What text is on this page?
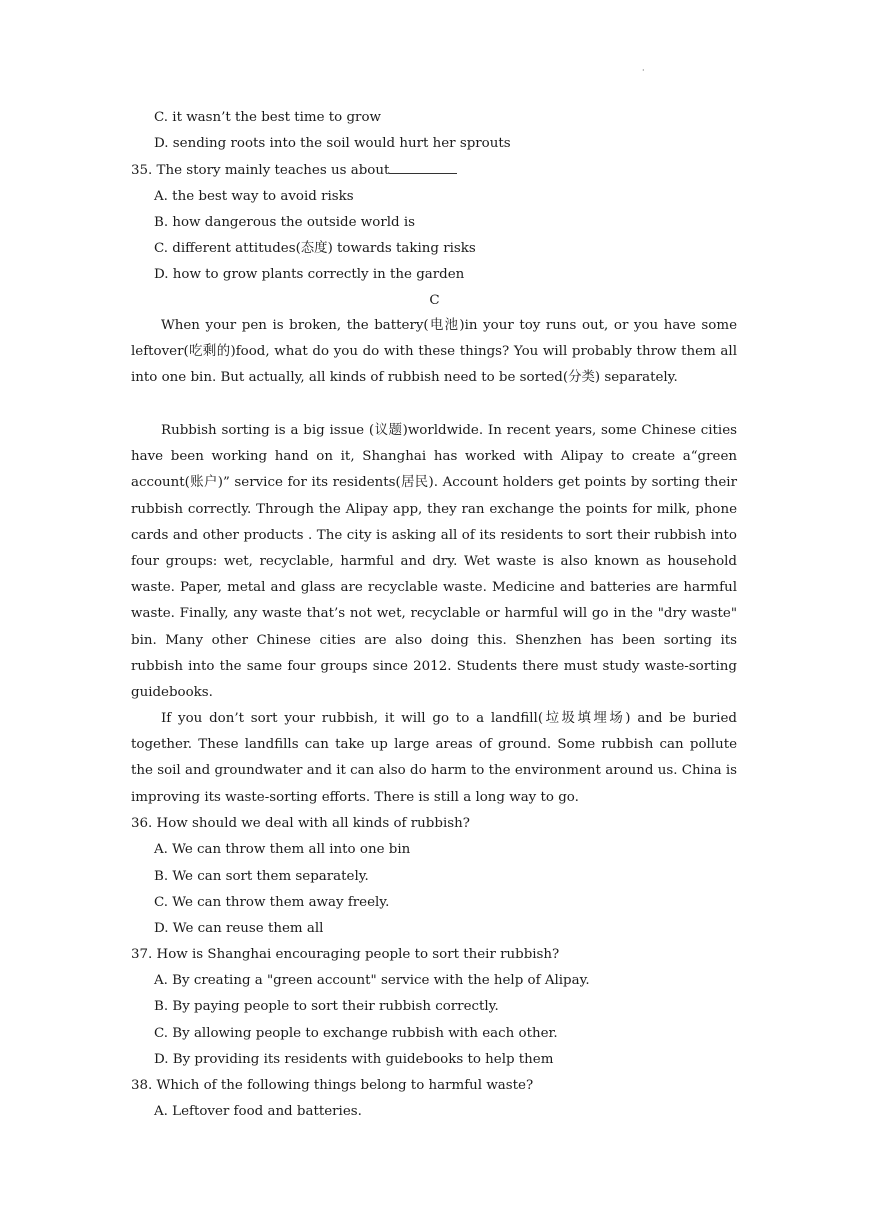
·
C. it wasn’t the best time to grow
D. sending roots into the soil would hurt her sprouts
35. The story mainly teaches us about
A. the best way to avoid risks
B. how dangerous the outside world is
C. different attitudes(态度) towards taking risks
D. how to grow plants correctly in the garden
C
When your pen is broken, the battery(电池)in your toy runs out, or you have some leftover(吃剩的)food, what do you do with these things? You will probably throw them all into one bin. But actually, all kinds of rubbish need to be sorted(分类) separately.
Rubbish sorting is a big issue (议题)worldwide. In recent years, some Chinese cities have been working hand on it, Shanghai has worked with Alipay to create a“green account(账户)” service for its residents(居民). Account holders get points by sorting their rubbish correctly. Through the Alipay app, they ran exchange the points for milk, phone cards and other products . The city is asking all of its residents to sort their rubbish into four groups: wet, recyclable, harmful and dry. Wet waste is also known as household waste. Paper, metal and glass are recyclable waste. Medicine and batteries are harmful waste. Finally, any waste that’s not wet, recyclable or harmful will go in the "dry waste" bin. Many other Chinese cities are also doing this. Shenzhen has been sorting its rubbish into the same four groups since 2012. Students there must study waste-sorting guidebooks.
If you don’t sort your rubbish, it will go to a landfill(垃圾填埋场) and be buried together. These landfills can take up large areas of ground. Some rubbish can pollute the soil and groundwater and it can also do harm to the environment around us. China is improving its waste-sorting efforts. There is still a long way to go.
36. How should we deal with all kinds of rubbish?
A. We can throw them all into one bin
B. We can sort them separately.
C. We can throw them away freely.
D. We can reuse them all
37. How is Shanghai encouraging people to sort their rubbish?
A. By creating a "green account" service with the help of Alipay.
B. By paying people to sort their rubbish correctly.
C. By allowing people to exchange rubbish with each other.
D. By providing its residents with guidebooks to help them
38. Which of the following things belong to harmful waste?
A. Leftover food and batteries.
